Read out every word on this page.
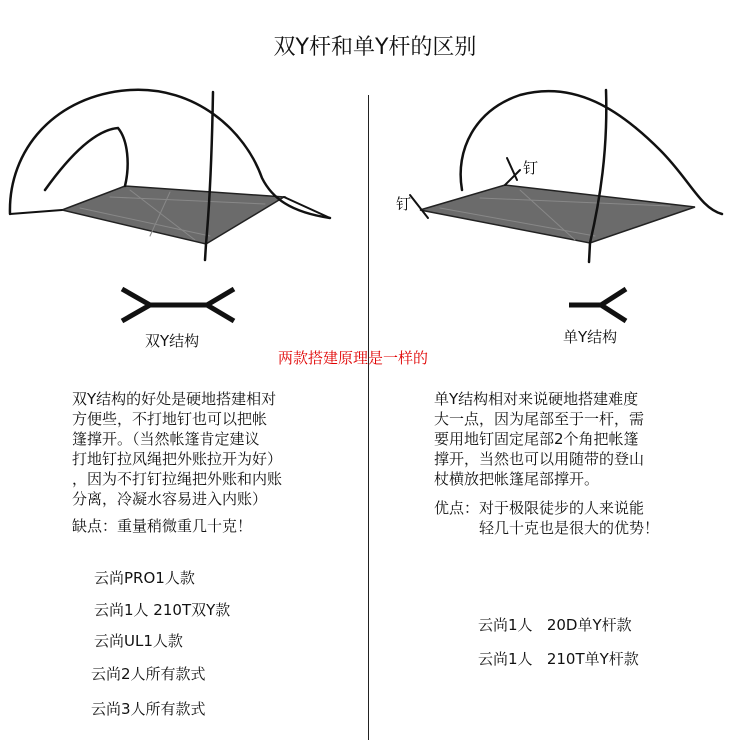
双Y杆和单Y杆的区别
钉
钉
双Y结构	单Y结构
两款搭建原理是一样的
双Y结构的好处是硬地搭建相对
方便些，不打地钉也可以把帐
篷撑开。（当然帐篷肯定建议
打地钉拉风绳把外账拉开为好）
，因为不打钉拉绳把外账和内账
分离，冷凝水容易进入内账）
缺点：重量稍微重几十克！
云尚PRO1人款
云尚1人 210T双Y款
云尚UL1人款
云尚2人所有款式
云尚3人所有款式
单Y结构相对来说硬地搭建难度
大一点，因为尾部至于一杆，需
要用地钉固定尾部2个角把帐篷
撑开，当然也可以用随带的登山
杖横放把帐篷尾部撑开。
优点：对于极限徒步的人来说能
　　　轻几十克也是很大的优势！
云尚1人   20D单Y杆款
云尚1人   210T单Y杆款
